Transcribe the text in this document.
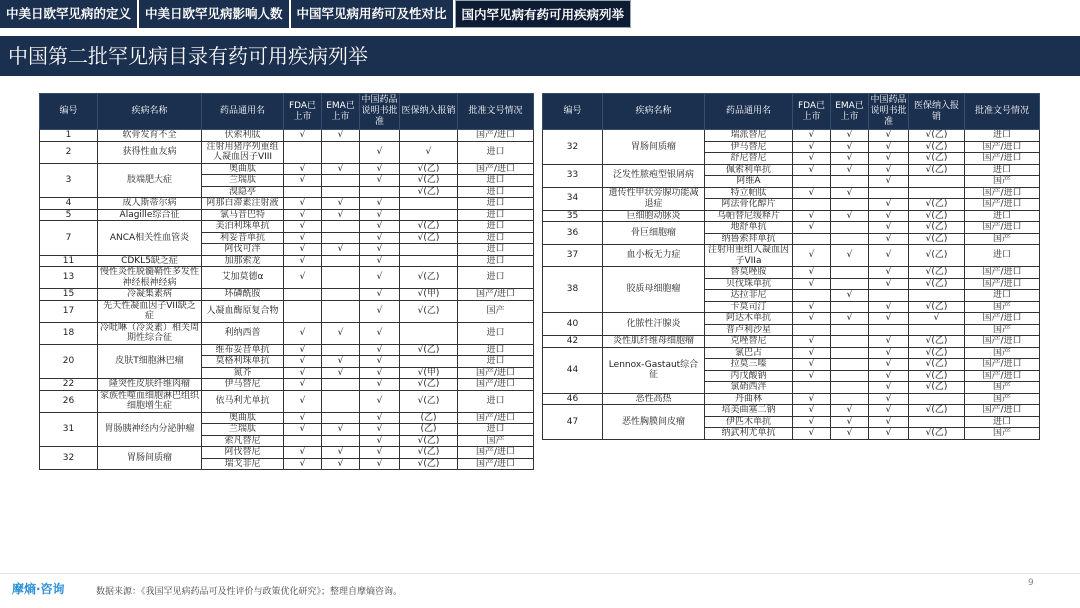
中美日欧罕见病的定义	中美日欧罕见病影响人数	中国罕见病用药可及性对比	国内罕见病有药可用疾病列举
中国第二批罕见病目录有药可用疾病列举
编号	疾病名称	药品通用名	FDA已上市	EMA已上市	中国药品说明书批准	医保纳入报销	批准文号情况
1	软骨发育不全	伏索利肽	√	√			国产/进口
2	获得性血友病	注射用猪序列重组人凝血因子VIII			√	√	进口
3	肢端肥大症	奥曲肽	√	√	√	√(乙)	国产/进口
		兰瑞肽	√		√	√(乙)	进口
		溴隐亭				√(乙)	进口
4	成人斯蒂尔病	阿那白滞素注射液	√	√	√		进口
5	Alagille综合征	氯马昔巴特	√	√	√		进口
7	ANCA相关性血管炎	美泊利珠单抗	√		√	√(乙)	进口
		利妥昔单抗	√		√	√(乙)	进口
		阿伐可泮	√	√	√		进口
11	CDKL5缺乏症	加那索龙	√		√		进口
13	慢性炎性脱髓鞘性多发性神经根神经病	艾加莫德α	√		√	√(乙)	进口
15	冷凝集素病	环磷酰胺			√	√(甲)	国产/进口
17	先天性凝血因子VII缺乏症	人凝血酶原复合物			√	√(乙)	国产
18	冷吡啉（冷炎素）相关周期性综合征	利纳西普	√	√	√		进口
20	皮肤T细胞淋巴瘤	维布妥昔单抗	√		√	√(乙)	进口
		莫格利珠单抗	√	√	√		进口
		氮芥	√	√	√	√(甲)	国产/进口
22	隆突性皮肤纤维肉瘤	伊马替尼	√		√	√(乙)	国产/进口
26	家族性噬血细胞淋巴组织细胞增生症	依马利尤单抗	√		√	√(乙)	进口
31	胃肠胰神经内分泌肿瘤	奥曲肽	√		√	(乙)	国产/进口
		兰瑞肽	√	√	√	(乙)	进口
		索凡替尼			√	√(乙)	国产
32	胃肠间质瘤	阿伐替尼	√	√	√	√(乙)	国产/进口
		瑞戈非尼	√	√	√	√(乙)	国产/进口
编号	疾病名称	药品通用名	FDA已上市	EMA已上市	中国药品说明书批准	医保纳入报销	批准文号情况
32	胃肠间质瘤	瑞派替尼	√	√	√	√(乙)	进口
		伊马替尼	√	√	√	√(乙)	国产/进口
		舒尼替尼	√	√	√	√(乙)	国产/进口
33	泛发性脓疱型银屑病	佩索利单抗	√	√	√	√(乙)	进口
		阿维A			√		国产
34	遗传性甲状旁腺功能减退症	特立帕肽	√	√			国产/进口
		阿法骨化醇片			√	√(乙)	国产/进口
35	巨细胞动脉炎	乌帕替尼缓释片	√	√	√	√(乙)	进口
36	骨巨细胞瘤	地舒单抗	√		√	√(乙)	国产/进口
		纳鲁索拜单抗			√	√(乙)	国产
37	血小板无力症	注射用重组人凝血因子VIIa	√	√	√	√(乙)	进口
38	胶质母细胞瘤	替莫唑胺	√		√	√(乙)	国产/进口
		贝伐珠单抗	√		√	√(乙)	国产/进口
		达拉非尼		√			进口
		卡莫司汀	√		√	√(乙)	国产
40	化脓性汗腺炎	阿达木单抗	√	√	√	√	国产/进口
		普卢利沙星					国产
42	炎性肌纤维母细胞瘤	克唑替尼	√		√	√(乙)	国产/进口
44	Lennox-Gastaut综合征	氯巴占	√		√	√(乙)	国产
		拉莫三嗪	√		√	√(乙)	国产/进口
		丙戊酸钠	√		√	√(乙)	国产/进口
		氯硝西泮			√	√(乙)	国产
46	恶性高热	丹曲林	√		√		国产
47	恶性胸膜间皮瘤	培美曲塞二钠	√	√	√	√(乙)	国产/进口
		伊匹木单抗	√	√	√		进口
		纳武利尤单抗	√	√	√	√(乙)	国产
摩熵·咨询	数据来源：《我国罕见病药品可及性评价与政策优化研究》；整理自摩熵咨询。
9
